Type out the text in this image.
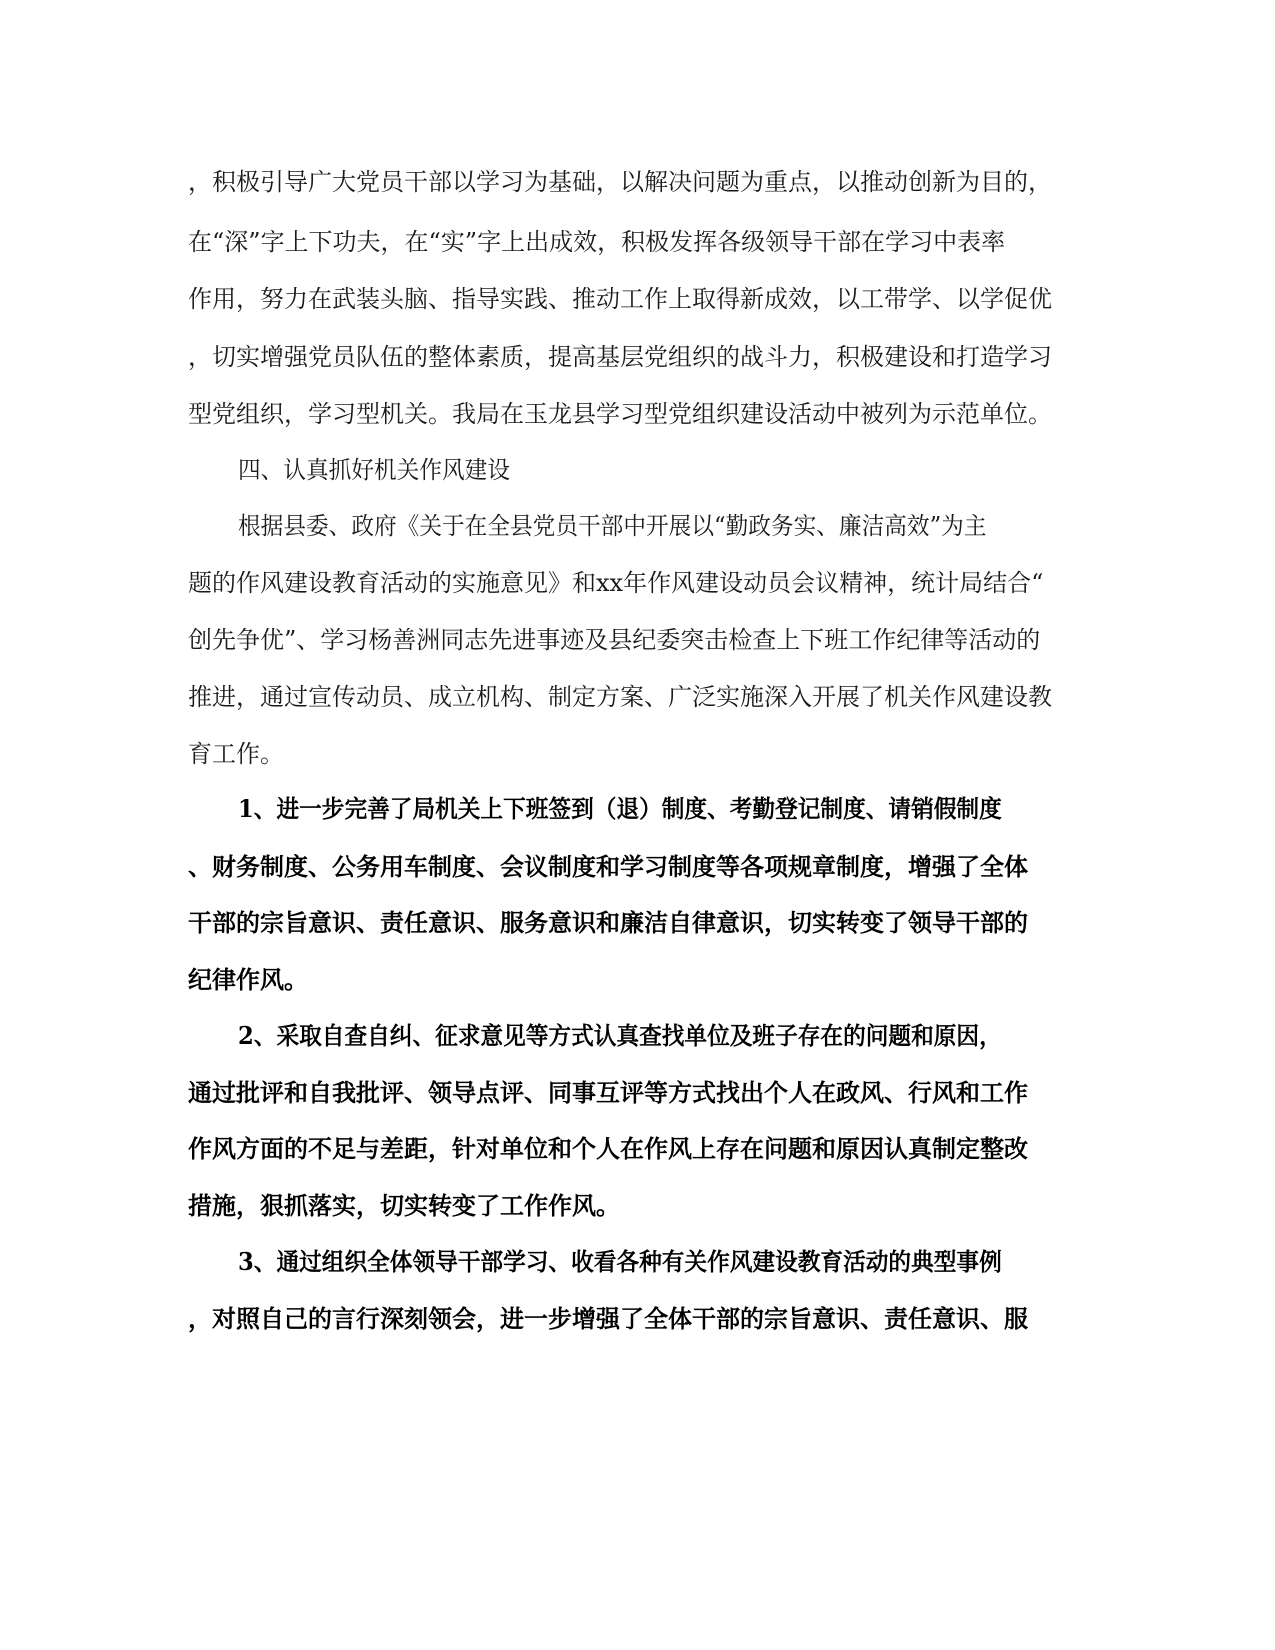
，积极引导广大党员干部以学习为基础，以解决问题为重点，以推动创新为目的，
在“深”字上下功夫，在“实”字上出成效，积极发挥各级领导干部在学习中表率
作用，努力在武装头脑、指导实践、推动工作上取得新成效，以工带学、以学促优
，切实增强党员队伍的整体素质，提高基层党组织的战斗力，积极建设和打造学习
型党组织，学习型机关。我局在玉龙县学习型党组织建设活动中被列为示范单位。
四、认真抓好机关作风建设
根据县委、政府《关于在全县党员干部中开展以“勤政务实、廉洁高效”为主
题的作风建设教育活动的实施意见》和xx年作风建设动员会议精神，统计局结合“
创先争优”、学习杨善洲同志先进事迹及县纪委突击检查上下班工作纪律等活动的
推进，通过宣传动员、成立机构、制定方案、广泛实施深入开展了机关作风建设教
育工作。
1、进一步完善了局机关上下班签到（退）制度、考勤登记制度、请销假制度
、财务制度、公务用车制度、会议制度和学习制度等各项规章制度，增强了全体
干部的宗旨意识、责任意识、服务意识和廉洁自律意识，切实转变了领导干部的
纪律作风。
2、采取自查自纠、征求意见等方式认真查找单位及班子存在的问题和原因，
通过批评和自我批评、领导点评、同事互评等方式找出个人在政风、行风和工作
作风方面的不足与差距，针对单位和个人在作风上存在问题和原因认真制定整改
措施，狠抓落实，切实转变了工作作风。
3、通过组织全体领导干部学习、收看各种有关作风建设教育活动的典型事例
，对照自己的言行深刻领会，进一步增强了全体干部的宗旨意识、责任意识、服
